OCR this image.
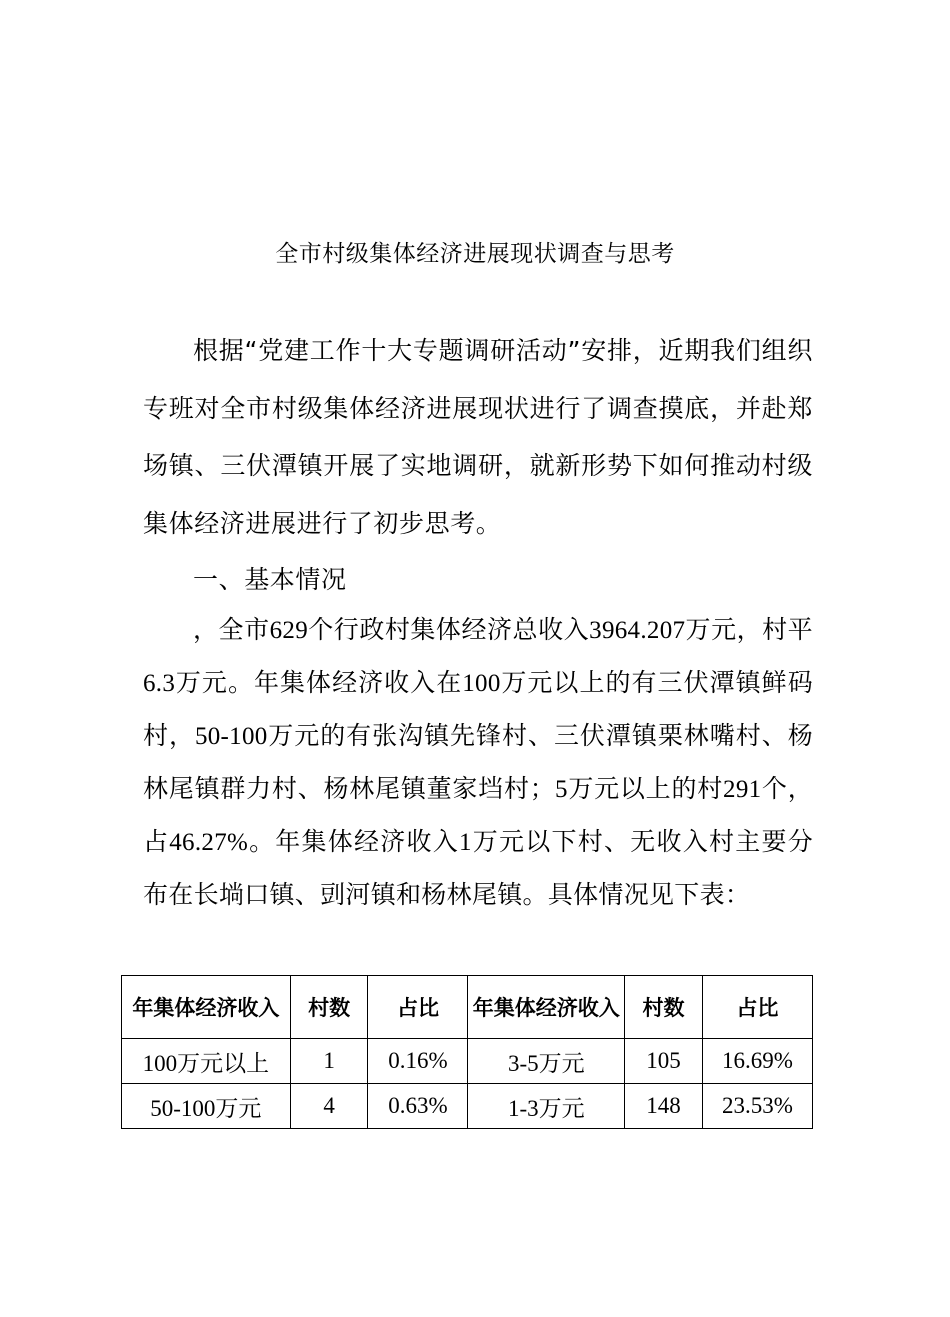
全市村级集体经济进展现状调查与思考

根据“党建工作十大专题调研活动”安排，近期我们组织专班对全市村级集体经济进展现状进行了调查摸底，并赴郑场镇、三伏潭镇开展了实地调研，就新形势下如何推动村级集体经济进展进行了初步思考。

一、基本情况

，全市629个行政村集体经济总收入3964.207万元，村平6.3万元。年集体经济收入在100万元以上的有三伏潭镇鲜码村，50-100万元的有张沟镇先锋村、三伏潭镇栗林嘴村、杨林尾镇群力村、杨林尾镇董家垱村；5万元以上的村291个，占46.27%。年集体经济收入1万元以下村、无收入村主要分布在长埫口镇、剅河镇和杨林尾镇。具体情况见下表：

年集体经济收入	村数	占比	年集体经济收入	村数	占比
100万元以上	1	0.16%	3-5万元	105	16.69%
50-100万元	4	0.63%	1-3万元	148	23.53%
